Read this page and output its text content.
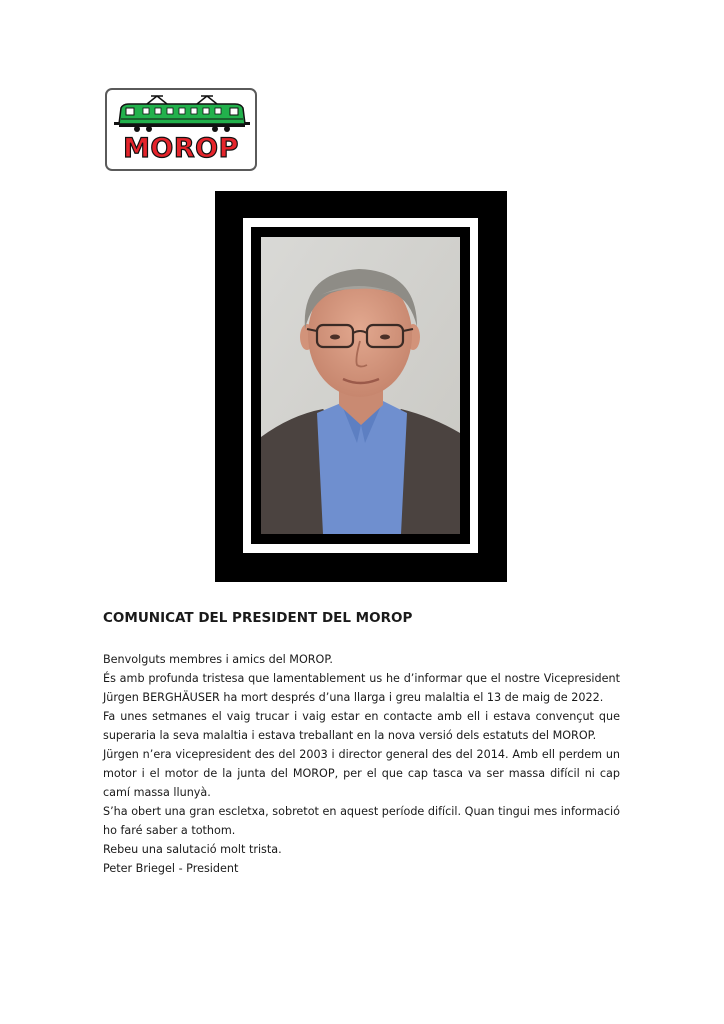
MOROP
COMUNICAT DEL PRESIDENT DEL MOROP

Benvolguts membres i amics del MOROP.

És amb profunda tristesa que lamentablement us he d’informar que el nostre Vicepresident Jürgen BERGHÄUSER ha mort després d’una llarga i greu malaltia el 13 de maig de 2022.

Fa unes setmanes el vaig trucar i vaig estar en contacte amb ell i estava convençut que superaria la seva malaltia i estava treballant en la nova versió dels estatuts del MOROP.

Jürgen n’era vicepresident des del 2003 i director general des del 2014. Amb ell perdem un motor i el motor de la junta del MOROP, per el que cap tasca va ser massa difícil ni cap camí massa llunyà.

S’ha obert una gran escletxa, sobretot en aquest període difícil. Quan tingui mes informació ho faré saber a tothom.

Rebeu una salutació molt trista.

Peter Briegel - President
